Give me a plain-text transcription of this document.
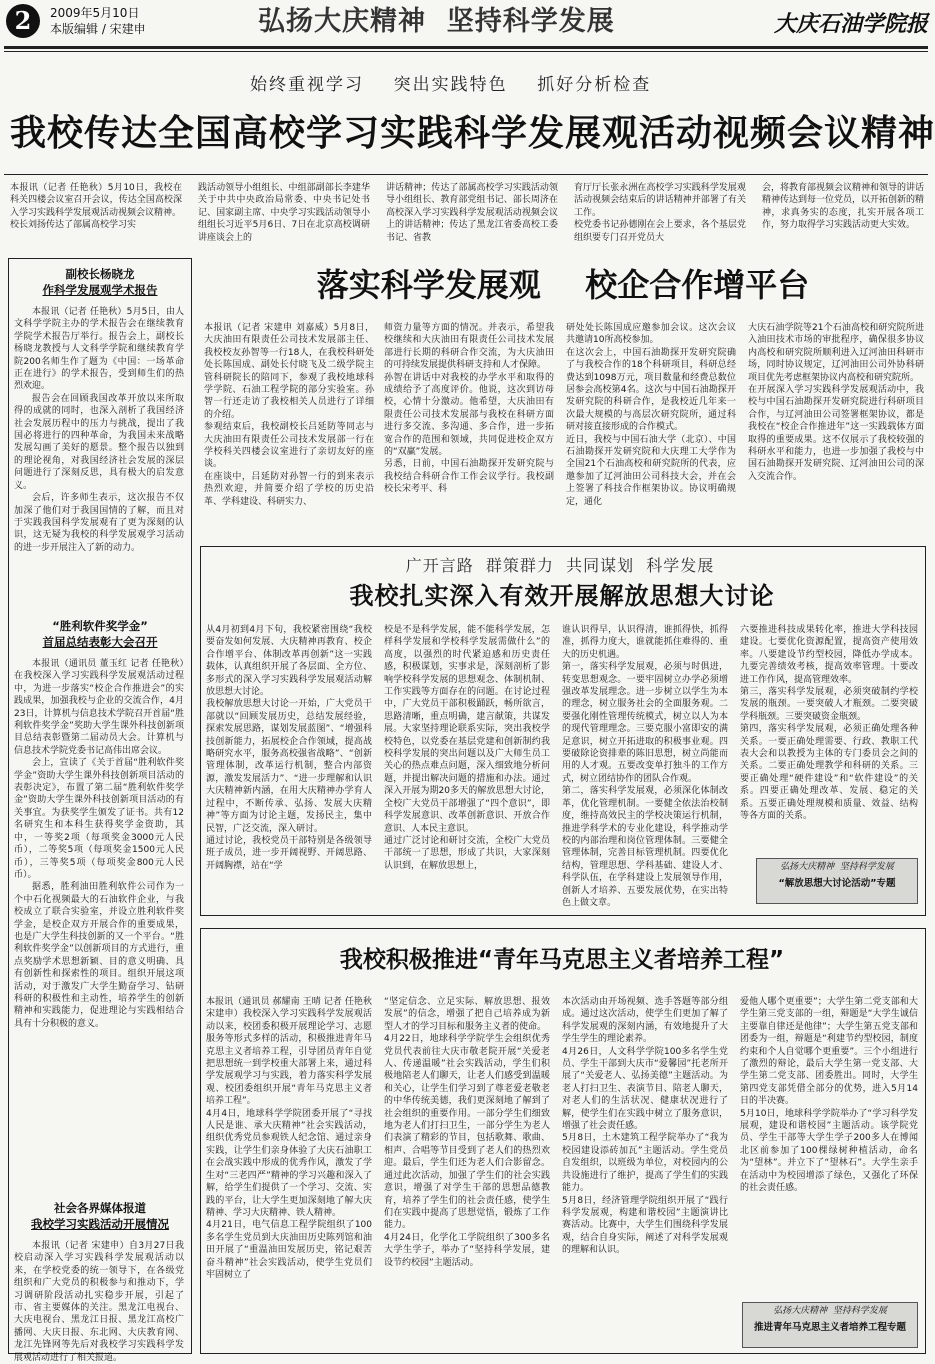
2	2009年5月10日
本版编辑 / 宋建申	弘扬大庆精神  坚持科学发展	大庆石油学院报
始终重视学习    突出实践特色    抓好分析检查
我校传达全国高校学习实践科学发展观活动视频会议精神
本报讯（记者 任艳秋）5月10日，我校在科关四楼会议室召开会议，传达全国高校深入学习实践科学发展观活动视频会议精神。
校长刘扬传达了部属高校学习实
践活动领导小组组长、中组部副部长李建华关于中共中央政治局常委、中央书记处书记、国家副主席、中央学习实践活动领导小组组长习近平5月6日、7日在北京高校调研讲座谈会上的
讲话精神；传达了部属高校学习实践活动领导小组组长、教育部党组书记、部长周济在高校深入学习实践科学发展观活动视频会议上的讲话精神；传达了黑龙江省委高校工委书记、省教
育厅厅长张永洲在高校学习实践科学发展观活动视频会结束后的讲话精神并部署了有关工作。
校党委书记孙德刚在会上要求，各个基层党组织要专门召开党员大
会，将教育部视频会议精神和领导的讲话精神传达到每一位党员，以开拓创新的精神，求真务实的态度，扎实开展各项工作，努力取得学习实践活动更大实效。
副校长杨晓龙
作科学发展观学术报告

本报讯（记者 任艳秋）5月5日，由人文科学学院主办的学术报告会在继续教育学院学术报告厅举行。报告会上，副校长杨晓龙教授与人文科学学院和继续教育学院200名师生作了题为《中国：一场革命正在进行》的学术报告，受到师生们的热烈欢迎。

报告会在回顾我国改革开放以来所取得的成就的同时，也深入剖析了我国经济社会发展历程中的压力与挑战，提出了我国必将进行的四种革命，为我国未来战略发展勾画了美好的愿景。整个报告以独到的理论视角，对我国经济社会发展的深层问题进行了深刻反思，具有极大的启发意义。

会后，许多师生表示，这次报告不仅加深了他们对于我国国情的了解，而且对于实践我国科学发展观有了更为深刻的认识，这无疑为我校的科学发展观学习活动的进一步开展注入了新的动力。

“胜利软件奖学金”
首届总结表彰大会召开

本报讯（通讯员 董玉红 记者 任艳秋）在我校深入学习实践科学发展观活动过程中，为进一步落实“校企合作推进会”的实践成果，加强我校与企业的交流合作，4月23日，计算机与信息技术学院召开首届“胜利软件奖学金”奖助大学生课外科技创新项目总结表彰暨第二届动员大会。计算机与信息技术学院党委书记高伟出席会议。

会上，宣读了《关于首届“胜利软件奖学金”资助大学生课外科技创新项目活动的表彰决定》，布置了第二届“胜利软件奖学金”资助大学生课外科技创新项目活动的有关事宜。为获奖学生颁发了证书。共有12名研究生和本科生获得奖学金资助，其中，一等奖2项（每项奖金3000元人民币），二等奖5项（每项奖金1500元人民币），三等奖5项（每项奖金800元人民币）。

据悉，胜利油田胜利软件公司作为一个中石化视频最大的石油软件企业，与我校成立了联合实验室，并设立胜利软件奖学金，是校企双方开展合作的重要成果，也是广大学生科技创新的又一个平台。“胜利软件奖学金”以创新项目的方式进行，重点奖励学术思想新颖、目的意义明确、具有创新性和探索性的项目。组织开展这项活动，对于激发广大学生勤奋学习、钻研科研的积极性和主动性，培养学生的创新精神和实践能力，促进理论与实践相结合具有十分积极的意义。

社会各界媒体报道
我校学习实践活动开展情况

本报讯（记者 宋建申）自3月27日我校启动深入学习实践科学发展观活动以来，在学校党委的统一领导下，在各级党组织和广大党员的积极参与和推动下，学习调研阶段活动扎实稳步开展，引起了市、省主要媒体的关注。黑龙江电视台、大庆电视台、黑龙江日报、黑龙江高校广播网、大庆日报、东北网、大庆教育网、龙江先锋网等先后对我校学习实践科学发展观活动进行了相关报道。

落实科学发展观    校企合作增平台
本报讯（记者 宋建申 刘嘉威）5月8日，大庆油田有限责任公司技术发展部主任、我校校友孙智等一行18人，在我校科研处处长陈国成、副处长付晓飞及二级学院主管科研院长的陪同下，参观了我校地球科学学院、石油工程学院的部分实验室。孙智一行还走访了我校相关人员进行了详细的介绍。
参观结束后，我校副校长吕延防等同志与大庆油田有限责任公司技术发展部一行在学校科关四楼会议室进行了亲切友好的座谈。
在座谈中，吕延防对孙智一行的到来表示热烈欢迎，并简要介绍了学校的历史沿革、学科建设、科研实力、
师资力量等方面的情况。并表示，希望我校继续和大庆油田有限责任公司技术发展部进行长期的科研合作交流，为大庆油田的可持续发展提供科研支持和人才保障。
孙智在讲话中对我校的办学水平和取得的成绩给予了高度评价。他说，这次到访母校，心情十分激动。他希望，大庆油田有限责任公司技术发展部与我校在科研方面进行多交流、多沟通、多合作，进一步拓宽合作的范围和领域，共同促进校企双方的“双赢”发展。
另悉，日前，中国石油勘探开发研究院与我校结合科研合作工作会议学行。我校副校长宋考平、科
研处处长陈国成应邀参加会议。这次会议共邀请10所高校参加。
在这次会上，中国石油勘探开发研究院确了与我校合作的18个科研项目，科研总经费达到1098万元，项目数量和经费总数位居参会高校第4名。这次与中国石油勘探开发研究院的科研合作，是我校近几年来一次最大规模的与高层次研究院所，通过科研对接直接形成的合作模式。
近日，我校与中国石油大学（北京）、中国石油勘探开发研究院和大庆理工大学作为全国21个石油高校和研究院所的代表，应邀参加了辽河油田公司科技大会，并在会上签署了科技合作框架协议。协议明确规定，通化
大庆石油学院等21个石油高校和研究院所进入油田技术市场的审批程序，确保很多协议内高校和研究院所顺利进入辽河油田科研市场，同时协议规定，辽河油田公司外协科研项目优先考虑框架协议内高校和研究院所。
在开展深入学习实践科学发展观活动中，我校与中国石油勘探开发研究院进行科研项目合作，与辽河油田公司签署框架协议，都是我校在“校企合作推进年”这一实践载体方面取得的重要成果。这不仅展示了我校较强的科研水平和能力，也进一步加强了我校与中国石油勘探开发研究院、辽河油田公司的深入交流合作。
广开言路  群策群力  共同谋划  科学发展
我校扎实深入有效开展解放思想大讨论
从4月初到4月下旬，我校紧密围绕“我校要奋发如何发展、大庆精神再教育、校企合作增平台、体制改革再创新”这一实践载体，认真组织开展了各层面、全方位、多形式的深入学习实践科学发展观活动解放思想大讨论。
我校解放思想大讨论一开始，广大党员干部就以“回顾发展历史，总结发展经验，探索发展思路，谋划发展蓝图”、“增强科技创新能力，拓展校企合作领域，提高战略研究水平，服务高校强省战略”、“创新管理体制，改革运行机制，整合内部资源，激发发展活力”、“进一步理解和认识大庆精神新内涵，在用大庆精神办学育人过程中，不断传承、弘扬、发展大庆精神”等方面为讨论主题，发扬民主，集中民智，广泛交流，深入研讨。
通过讨论，我校党员干部特别是各级领导班子成员，进一步开阔视野、开阔思路、开阔胸襟，站在“学
校是不是科学发展，能不能科学发展，怎样科学发展和学校科学发展需做什么”的高度，以强烈的时代紧迫感和历史责任感，积极谋划，实事求是，深刻剖析了影响学校科学发展的思想观念、体制机制、工作实践等方面存在的问题。在讨论过程中，广大党员干部积极踊跃，畅所欲言，思路清晰，重点明确，建言献策，共谋发展。大家坚持理论联系实际，突出我校学校特色，以党委在基层党建和创新制约我校科学发展的突出问题以及广大师生员工关心的热点难点问题，深入细致地分析问题，并提出解决问题的措施和办法。通过深入开展为期20多天的解放思想大讨论，全校广大党员干部增强了“四个意识”，即科学发展意识、改革创新意识、开放合作意识、人本民主意识。
通过广泛讨论和研讨交流，全校广大党员干部统一了思想，形成了共识，大家深刻认识到，在解放思想上，
谁认识得早，认识得清，谁抓得快，抓得准，抓得力度大，谁就能抓住难得的、重大的历史机遇。
第一，落实科学发展观，必须与时俱进，转变思想观念。一要牢固树立办学必须增强改革发展理念。进一步树立以学生为本的理念，树立服务社会的全面服务观。二要强化刚性管理传统模式，树立以人为本的现代管理理念。三要克服小富即安的满足意识，树立开拓进取的积极事业观。四要破除论资排辈的陈旧思想，树立尚能而用的人才观。五要改变单打独斗的工作方式，树立团结协作的团队合作观。
第二，落实科学发展观，必须深化体制改革，优化管理机制。一要健全依法治校制度，维持高效民主的学校决策运行机制，推进学科学术的专业化建设，科学推动学校的内部治理和岗位管理体制。三要健全管理体制，完善目标管理机制。四要优化结构，管理思想、学科基础、建设人才、科学队伍，在学科建设上发展领导作用，创新人才培养、五要发展优势，在实出特色上做文章。
六要推进科技成果转化率，推进大学科技园建设。七要优化资源配置，提高资产使用效率。八要建设节约型校园，降低办学成本。九要完善绩效考核，提高效率管理。十要改进工作作风，提高管理效率。
第三，落实科学发展观，必须突破制约学校发展的瓶颈。一要突破人才瓶颈。二要突破学科瓶颈。三要突破资金瓶颈。
第四，落实科学发展观，必须正确处理各种关系。一要正确处理需要、行政、教职工代表大会和以教授为主体的专门委员会之间的关系。二要正确处理教学和科研的关系。三要正确处理“硬件建设”和“软件建设”的关系。四要正确处理改革、发展、稳定的关系。五要正确处理规模和质量、效益、结构等各方面的关系。
弘扬大庆精神  坚持科学发展
“解放思想大讨论活动”专题
我校积极推进“青年马克思主义者培养工程”
本报讯（通讯员 郝耀南 王晴 记者 任艳秋 宋建申）我校深入学习实践科学发展观活动以来，校团委积极开展理论学习、志愿服务等形式多样的活动，积极推进青年马克思主义者培养工程，引导团员青年自觉把思想统一到学校重大部署上来，通过科学发展观学习与实践，着力落实科学发展观、校团委组织开展“青年马克思主义者培养工程”。
4月4日，地球科学学院团委开展了“寻找人民是谁、承大庆精神”社会实践活动，组织优秀党员参观铁人纪念馆、通过亲身实践，让学生们亲身体验了大庆石油职工在会战实践中形成的优秀作风，激发了学生对“三老四严”精神的学习兴趣和深入了解，给学生们提供了一个学习、交流、实践的平台，让大学生更加深刻地了解大庆精神、学习大庆精神、铁人精神。
4月21日，电气信息工程学院组织了100多名学生党员到大庆油田历史陈列馆和油田开展了“重温油田发展历史，铭记艰苦奋斗精神”社会实践活动，使学生党员们牢固树立了
“坚定信念、立足实际、解放思想、报效发展”的信念，增强了把自己培养成为新型人才的学习目标和服务主义者的使命。
4月22日，地球科学学院学生会组织优秀党员代表前往大庆市敬老院开展“关爱老人、传递温暖”社会实践活动，学生们积极地陪老人们聊天，让老人们感受到温暖和关心，让学生们学习到了尊老爱老敬老的中华传统美德，我们更深刻地了解到了社会组织的重要作用。一部分学生们细致地为老人们打扫卫生，一部分学生为老人们表演了精彩的节目，包括歌舞、歌曲、相声、合唱等节目受到了老人们的热烈欢迎。最后，学生们还为老人们合影留念。通过此次活动，加强了学生们的社会实践意识，增强了对学生干部的思想品德教育，培养了学生们的社会责任感，使学生们在实践中提高了思想觉悟，锻炼了工作能力。
4月24日，化学化工学院组织了300多名大学生学子，举办了“坚持科学发展，建设节约校园”主题活动。
本次活动由开场视频、选手答题等部分组成。通过这次活动，使学生们更加了解了科学发展观的深刻内涵，有效地提升了大学生学生的理论素养。
4月26日，人文科学学院100多名学生党员、学生干部到大庆市“爱馨园”托老所开展了“关爱老人、弘扬美德”主题活动。为老人打扫卫生、表演节目、陪老人聊天，对老人们的生活状况、健康状况进行了解，使学生们在实践中树立了服务意识，增强了社会责任感。
5月8日，土木建筑工程学院举办了“我为校园建设添砖加瓦”主题活动。学生党员自发组织，以班级为单位，对校园内的公共设施进行了维护，提高了学生们的实践能力。
5月8日，经济管理学院组织开展了“践行科学发展观，构建和谐校园”主题演讲比赛活动。比赛中，大学生们围绕科学发展观，结合自身实际，阐述了对科学发展观的理解和认识。
爱他人哪个更重要”；大学生第二党支部和大学生第三党支部的一组，辩题是“大学生诚信主要靠自律还是他律”；大学生第五党支部和团委为一组，辩题是“利建节约型校园，制度约束和个人自觉哪个更重要”。三个小组进行了激烈的辩论，最后大学生第一党支部、大学生第二党支部、团委胜出。同时，大学生第四党支部凭借全部分的优势，进入5月14日的半决赛。
5月10日，地球科学学院举办了“学习科学发展观，建设和谐校园”主题活动。该学院党员、学生干部等大学生学子200多人在博闻北区前参加了100棵绿树种植活动，命名为“望林”。并立下了“望林石”。大学生亲手在活动中为校园增添了绿色，又强化了环保的社会责任感。
弘扬大庆精神  坚持科学发展
推进青年马克思主义者培养工程专题
